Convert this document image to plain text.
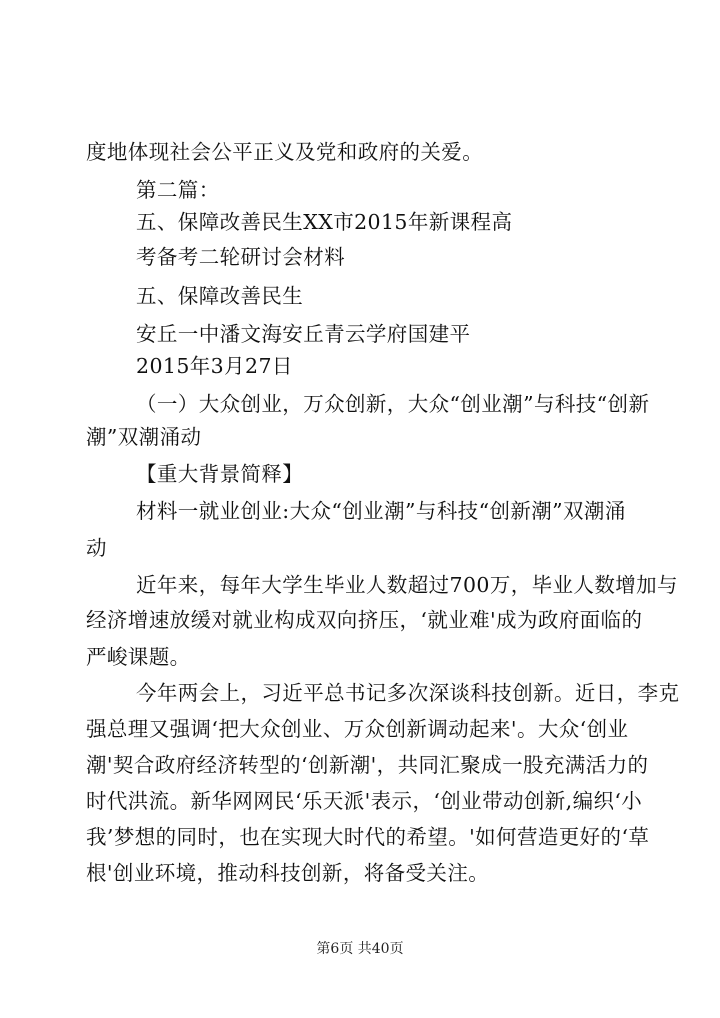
度地体现社会公平正义及党和政府的关爱。
第二篇：
五、保障改善民生XX市2015年新课程高
考备考二轮研讨会材料
五、保障改善民生
安丘一中潘文海安丘青云学府国建平
2015年3月27日
（一）大众创业，万众创新，大众“创业潮”与科技“创新
潮”双潮涌动
【重大背景简释】
材料一就业创业:大众“创业潮”与科技“创新潮”双潮涌
动
近年来，每年大学生毕业人数超过700万，毕业人数增加与
经济增速放缓对就业构成双向挤压，‘就业难'成为政府面临的
严峻课题。
今年两会上，习近平总书记多次深谈科技创新。近日，李克
强总理又强调‘把大众创业、万众创新调动起来'。大众‘创业
潮'契合政府经济转型的‘创新潮'，共同汇聚成一股充满活力的
时代洪流。新华网网民‘乐天派'表示，‘创业带动创新,编织‘小
我’梦想的同时，也在实现大时代的希望。'如何营造更好的‘草
根'创业环境，推动科技创新，将备受关注。
第6页 共40页
